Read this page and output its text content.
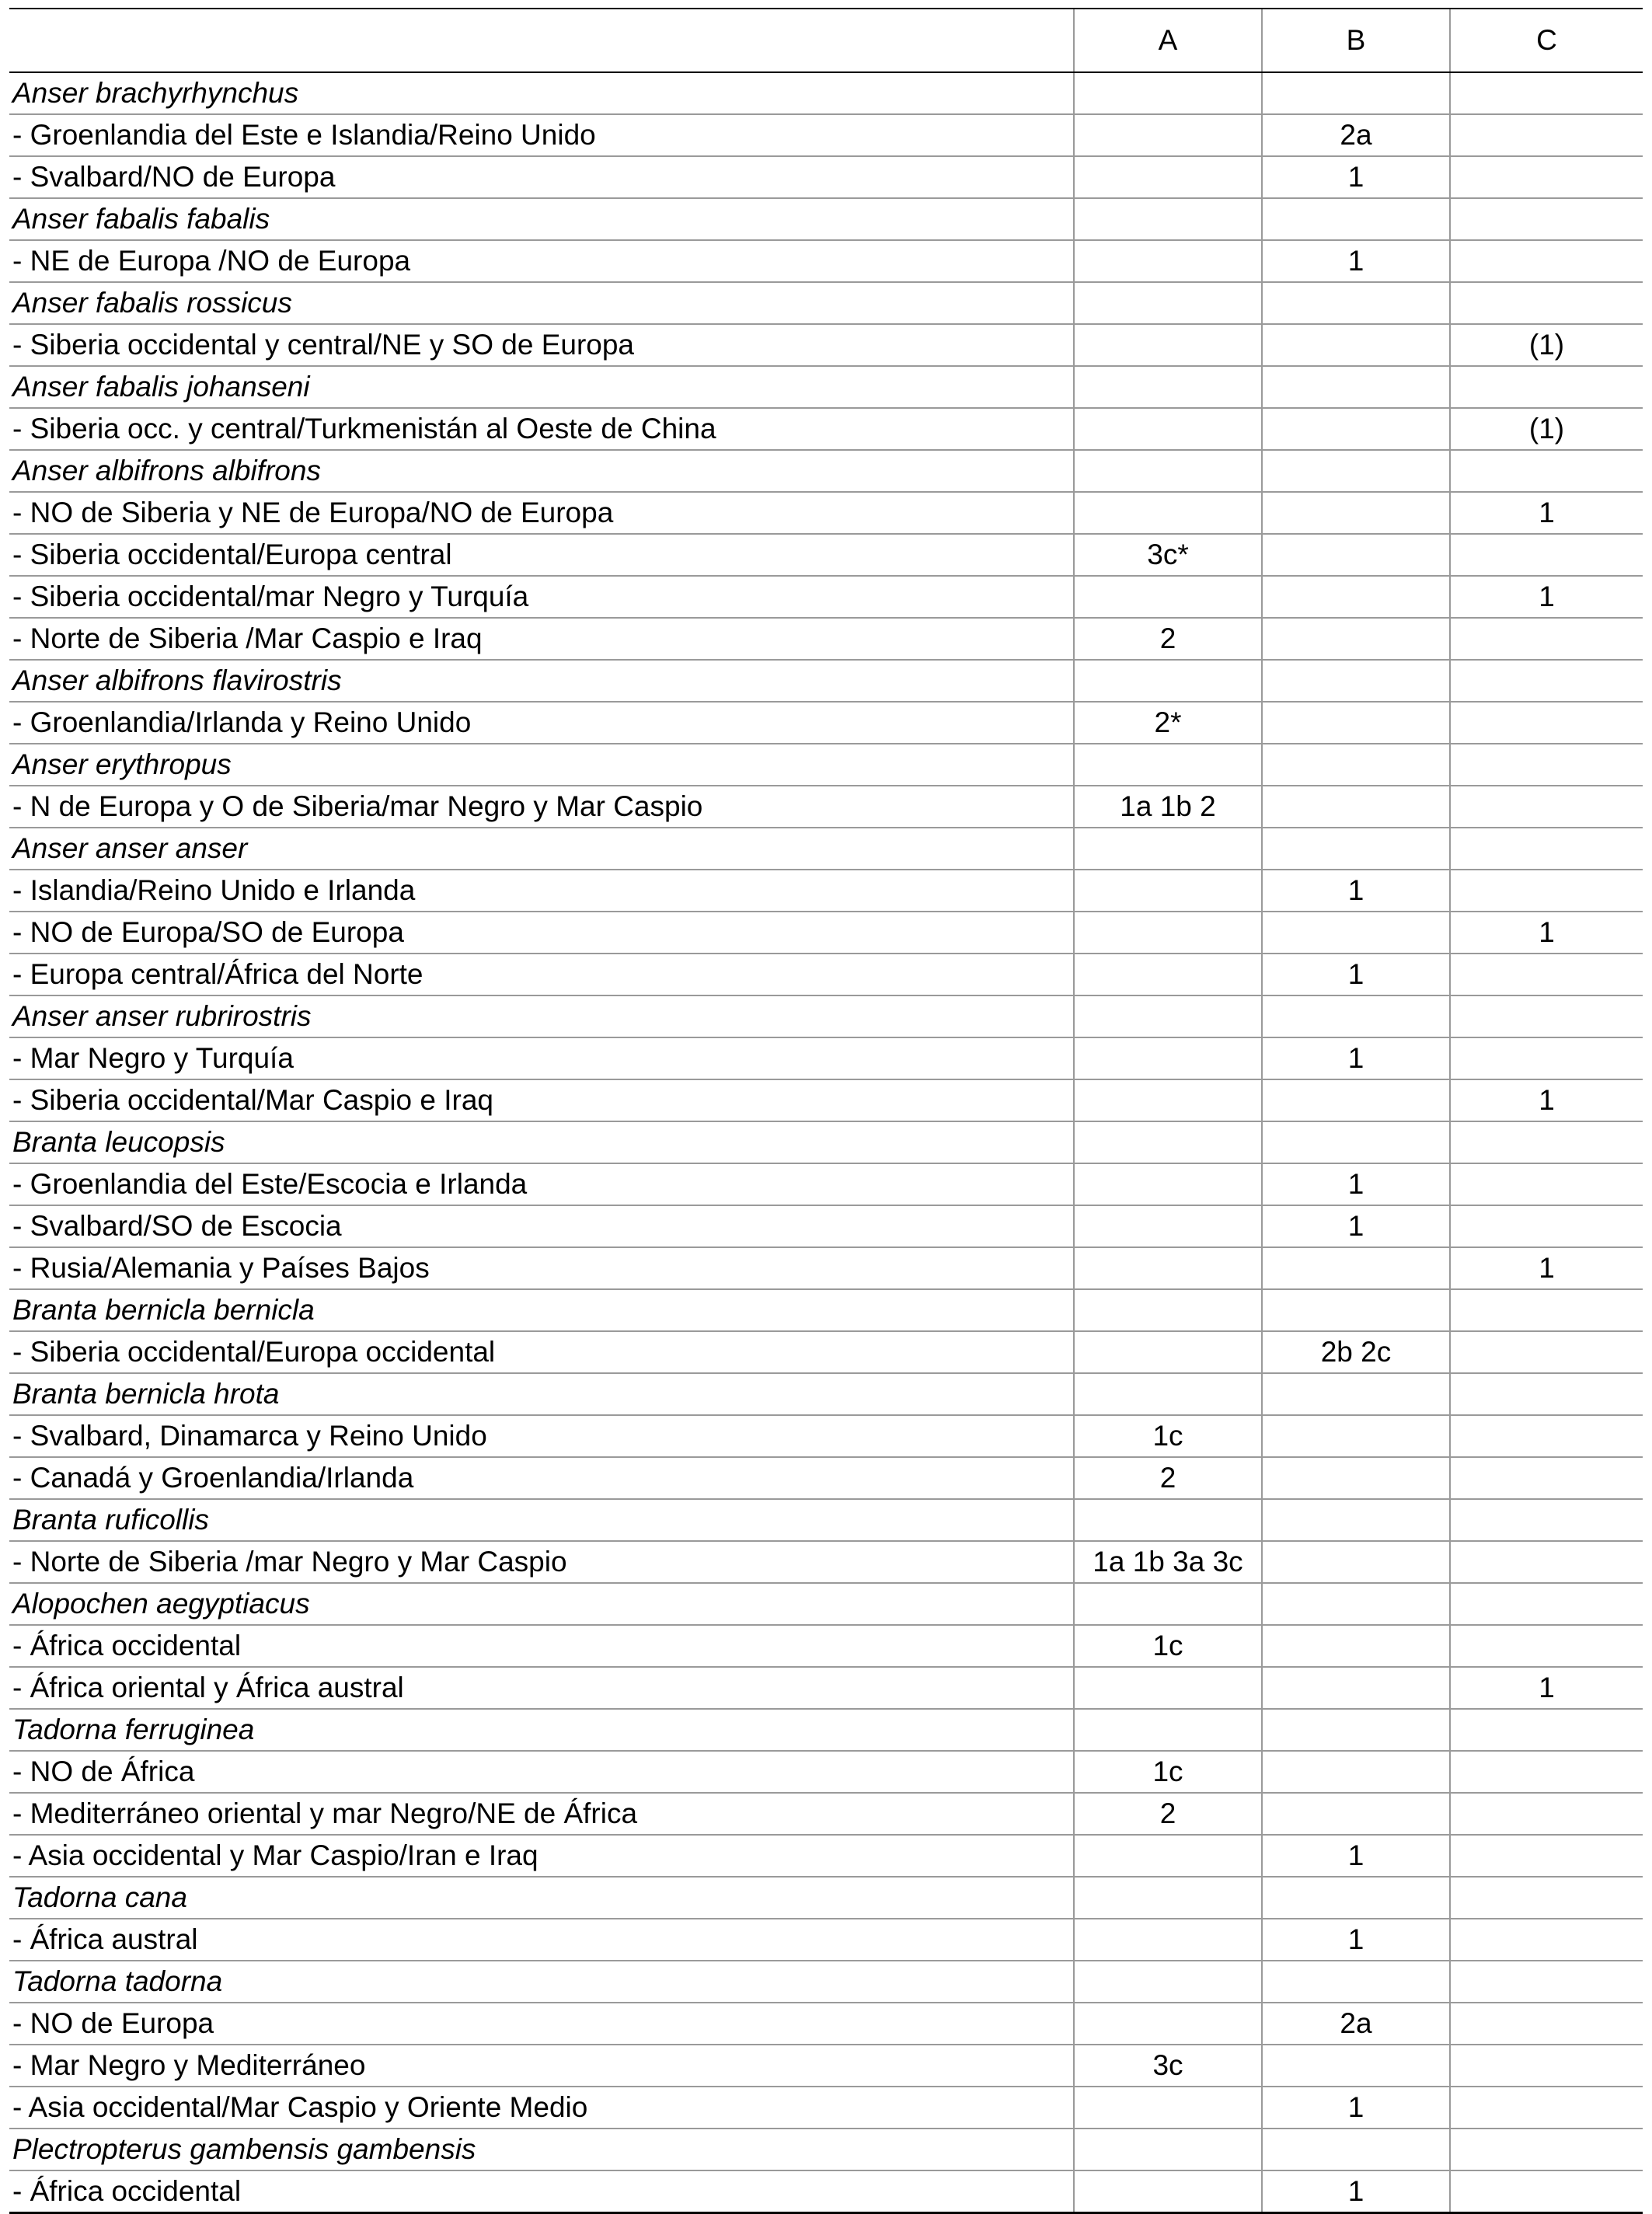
	A	B	C
Anser brachyrhynchus			
- Groenlandia del Este e Islandia/Reino Unido		2a	
- Svalbard/NO de Europa		1	
Anser fabalis fabalis			
- NE de Europa /NO de Europa		1	
Anser fabalis rossicus			
- Siberia occidental y central/NE y SO de Europa			(1)
Anser fabalis johanseni			
- Siberia occ. y central/Turkmenistán al Oeste de China			(1)
Anser albifrons albifrons			
- NO de Siberia y NE de Europa/NO de Europa			1
- Siberia occidental/Europa central	3c*		
- Siberia occidental/mar Negro y Turquía			1
- Norte de Siberia /Mar Caspio e Iraq	2		
Anser albifrons flavirostris			
- Groenlandia/Irlanda y Reino Unido	2*		
Anser erythropus			
- N de Europa y O de Siberia/mar Negro y Mar Caspio	1a 1b 2		
Anser anser anser			
- Islandia/Reino Unido e Irlanda		1	
- NO de Europa/SO de Europa			1
- Europa central/África del Norte		1	
Anser anser rubrirostris			
- Mar Negro y Turquía		1	
- Siberia occidental/Mar Caspio e Iraq			1
Branta leucopsis			
- Groenlandia del Este/Escocia e Irlanda		1	
- Svalbard/SO de Escocia		1	
- Rusia/Alemania y Países Bajos			1
Branta bernicla bernicla			
- Siberia occidental/Europa occidental		2b 2c	
Branta bernicla hrota			
- Svalbard, Dinamarca y Reino Unido	1c		
- Canadá y Groenlandia/Irlanda	2		
Branta ruficollis			
- Norte de Siberia /mar Negro y Mar Caspio	1a 1b 3a 3c		
Alopochen aegyptiacus			
- África occidental	1c		
- África oriental y África austral			1
Tadorna ferruginea			
- NO de África	1c		
- Mediterráneo oriental y mar Negro/NE de África	2		
- Asia occidental y Mar Caspio/Iran e Iraq		1	
Tadorna cana			
- África austral		1	
Tadorna tadorna			
- NO de Europa		2a	
- Mar Negro y Mediterráneo	3c		
- Asia occidental/Mar Caspio y Oriente Medio		1	
Plectropterus gambensis gambensis			
- África occidental		1	
